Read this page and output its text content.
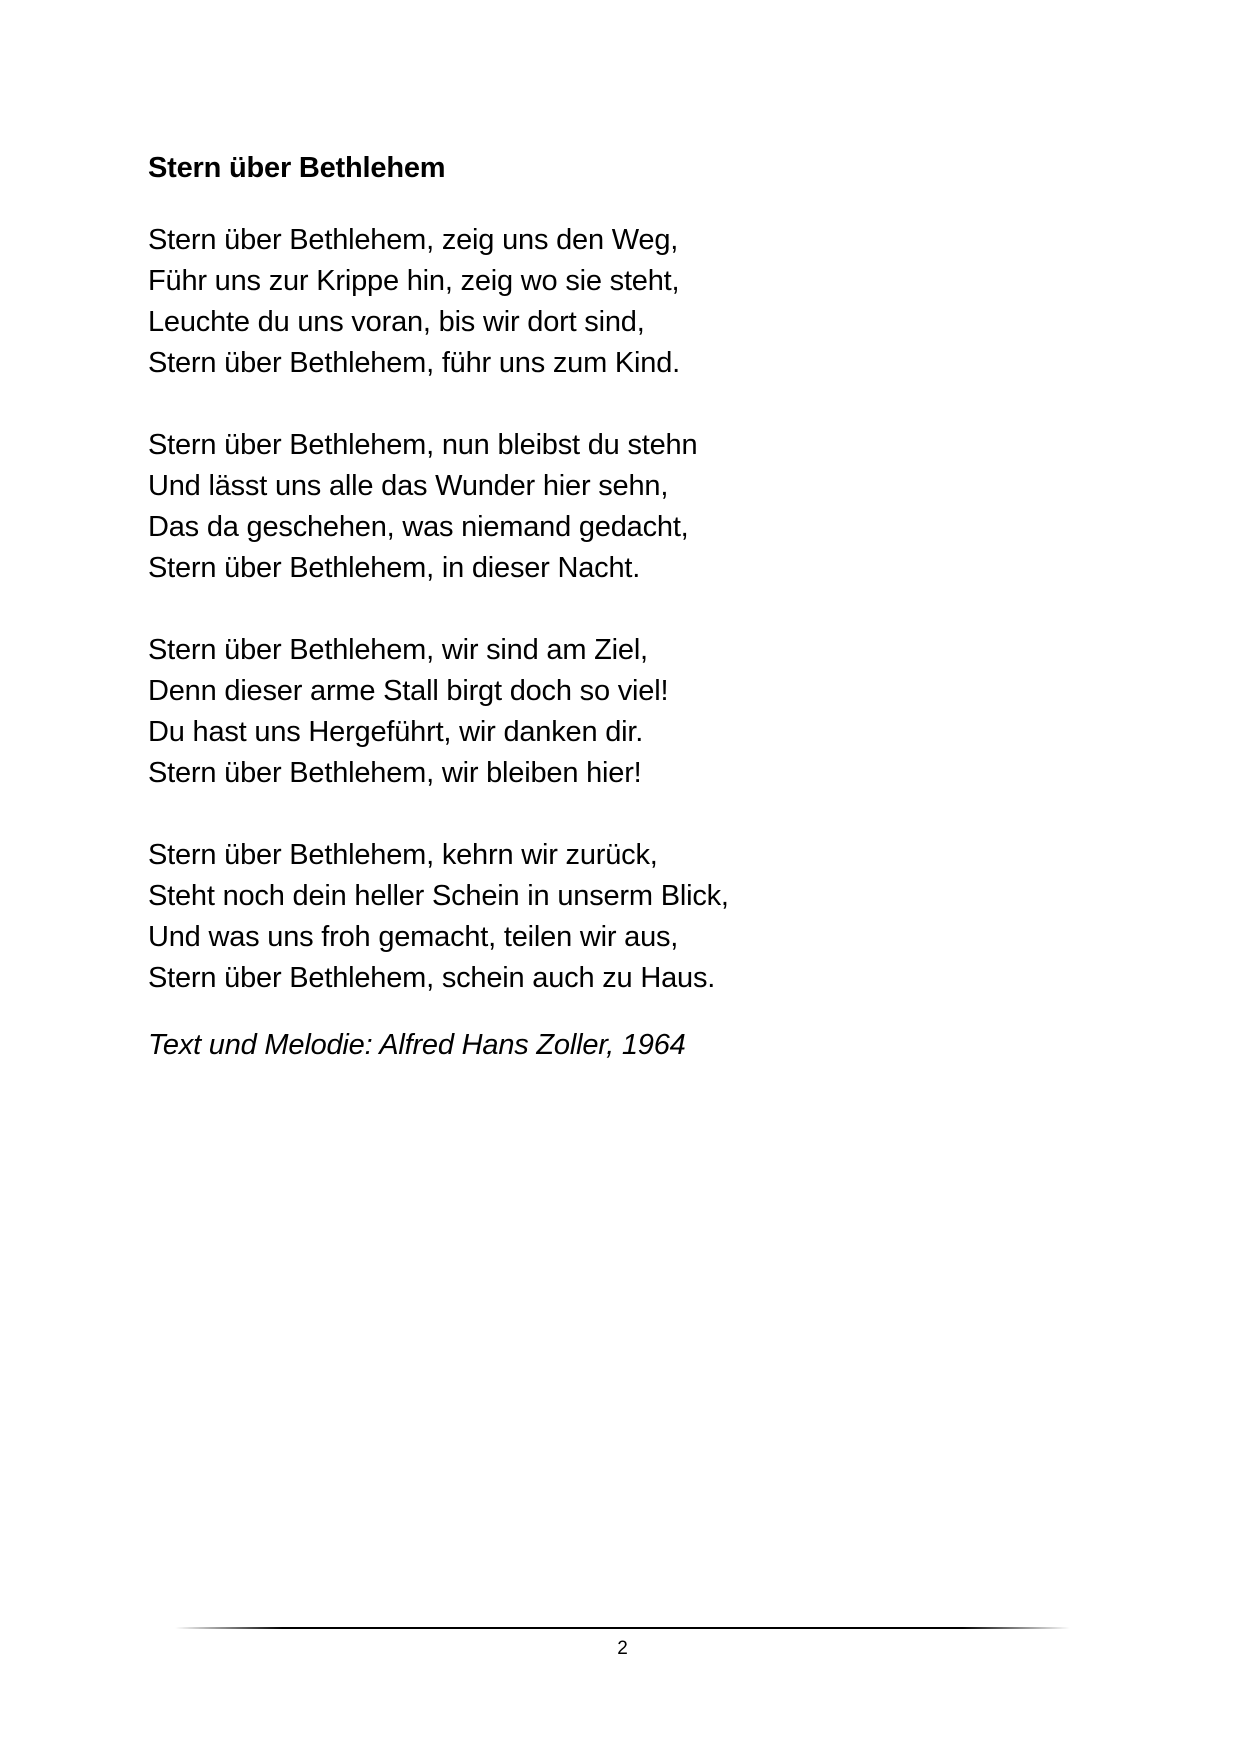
Stern über Bethlehem
Stern über Bethlehem, zeig uns den Weg,
Führ uns zur Krippe hin, zeig wo sie steht,
Leuchte du uns voran, bis wir dort sind,
Stern über Bethlehem, führ uns zum Kind.
Stern über Bethlehem, nun bleibst du stehn
Und lässt uns alle das Wunder hier sehn,
Das da geschehen, was niemand gedacht,
Stern über Bethlehem, in dieser Nacht.
Stern über Bethlehem, wir sind am Ziel,
Denn dieser arme Stall birgt doch so viel!
Du hast uns Hergeführt, wir danken dir.
Stern über Bethlehem, wir bleiben hier!
Stern über Bethlehem, kehrn wir zurück,
Steht noch dein heller Schein in unserm Blick,
Und was uns froh gemacht, teilen wir aus,
Stern über Bethlehem, schein auch zu Haus.

Text und Melodie: Alfred Hans Zoller, 1964

2
